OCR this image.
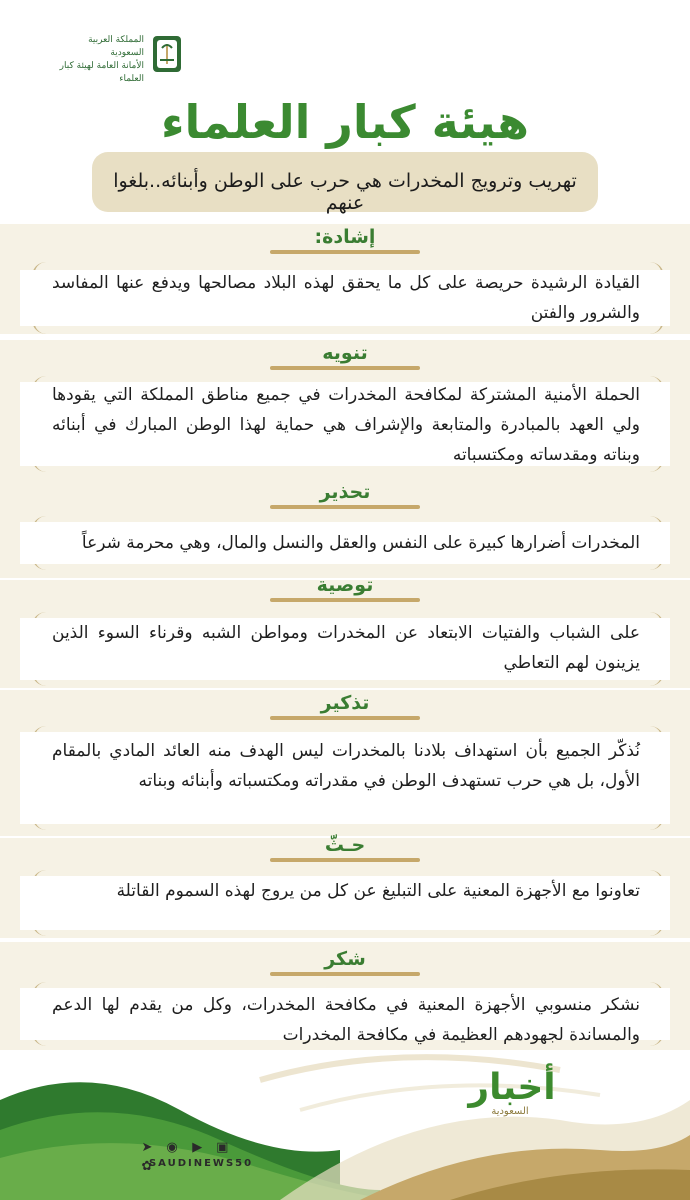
المملكة العربية السعودية
الأمانة العامة لهيئة كبار العلماء
هيئة كبار العلماء
تهريب وترويج المخدرات هي حرب على الوطن وأبنائه..بلغوا عنهم
إشادة:
القيادة الرشيدة حريصة على كل ما يحقق لهذه البلاد مصالحها ويدفع عنها المفاسد والشرور والفتن
تنويه
الحملة الأمنية المشتركة لمكافحة المخدرات في جميع مناطق المملكة التي يقودها ولي العهد بالمبادرة والمتابعة والإشراف هي حماية لهذا الوطن المبارك في أبنائه وبناته ومقدساته ومكتسباته
تحذير
المخدرات أضرارها كبيرة على النفس والعقل والنسل والمال، وهي محرمة شرعاً
توصية
على الشباب والفتيات الابتعاد عن المخدرات ومواطن الشبه وقرناء السوء الذين يزينون لهم التعاطي
تذكير
نُذكّر الجميع بأن استهداف بلادنا بالمخدرات ليس الهدف منه العائد المادي بالمقام الأول، بل هي حرب تستهدف الوطن في مقدراته ومكتسباته وأبنائه وبناته
حـثّ
تعاونوا مع الأجهزة المعنية على التبليغ عن كل من يروج لهذه السموم القاتلة
شكر
نشكر منسوبي الأجهزة المعنية في مكافحة المخدرات، وكل من يقدم لها الدعم والمساندة لجهودهم العظيمة في مكافحة المخدرات
أخبار
السعودية
➤ ◉ ▶ ▣ ✿
SAUDINEWS50
